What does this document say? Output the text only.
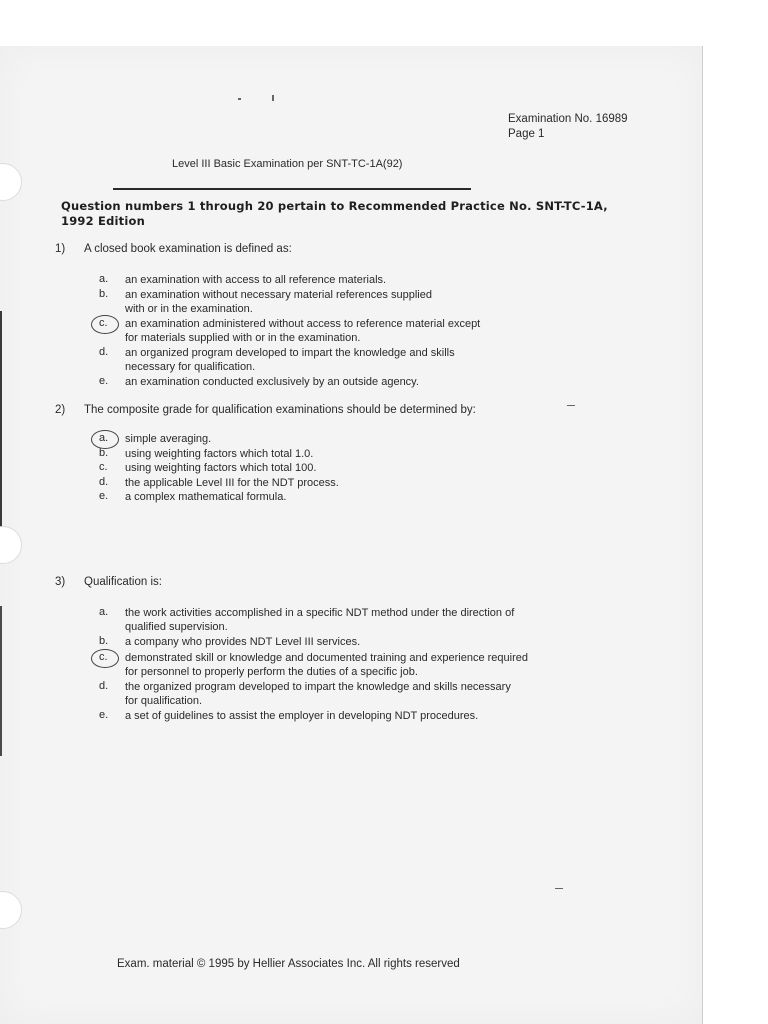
Examination No. 16989
Page 1
Level III Basic Examination per SNT-TC-1A(92)
Question numbers 1 through 20 pertain to Recommended Practice No. SNT-TC-1A, 1992 Edition
1) A closed book examination is defined as:
a. an examination with access to all reference materials.
b. an examination without necessary material references supplied
with or in the examination.
c. an examination administered without access to reference material except
for materials supplied with or in the examination.
d. an organized program developed to impart the knowledge and skills
necessary for qualification.
e. an examination conducted exclusively by an outside agency.
2) The composite grade for qualification examinations should be determined by:
a. simple averaging.
b. using weighting factors which total 1.0.
c. using weighting factors which total 100.
d. the applicable Level III for the NDT process.
e. a complex mathematical formula.
3) Qualification is:
a. the work activities accomplished in a specific NDT method under the direction of
qualified supervision.
b. a company who provides NDT Level III services.
c. demonstrated skill or knowledge and documented training and experience required
for personnel to properly perform the duties of a specific job.
d. the organized program developed to impart the knowledge and skills necessary
for qualification.
e. a set of guidelines to assist the employer in developing NDT procedures.
Exam. material © 1995 by Hellier Associates Inc. All rights reserved
